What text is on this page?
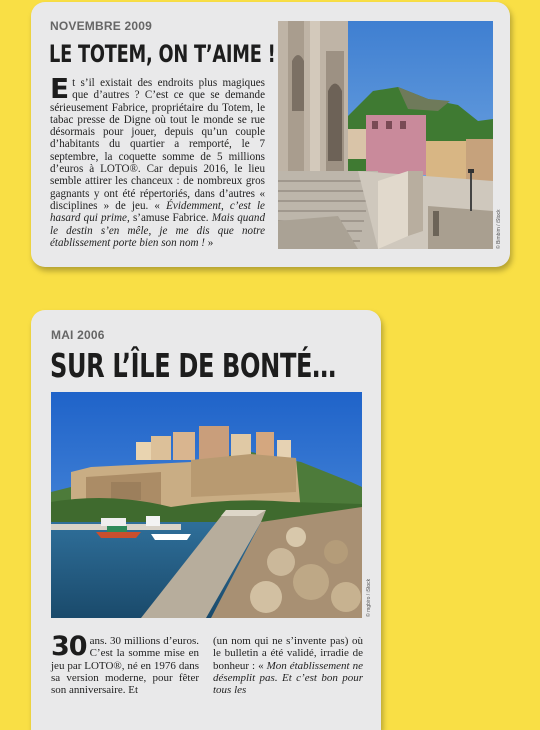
NOVEMBRE 2009
LE TOTEM, ON T’AIME !
Et s’il existait des endroits plus magiques que d’autres ? C’est ce que se demande sérieusement Fabrice, propriétaire du Totem, le tabac presse de Digne où tout le monde se rue désormais pour jouer, depuis qu’un couple d’habitants du quartier a remporté, le 7 septembre, la coquette somme de 5 millions d’euros à LOTO®. Car depuis 2016, le lieu semble attirer les chanceux : de nombreux gros gagnants y ont été répertoriés, dans d’autres « disciplines » de jeu. « Évidemment, c’est le hasard qui prime, s’amuse Fabrice. Mais quand le destin s’en mêle, je me dis que notre établissement porte bien son nom ! »	© Bimbim / iStock
MAI 2006
SUR L’ÎLE DE BONTÉ…
© mgbiro / iStock
30 ans. 30 millions d’euros. C’est la somme mise en jeu par LOTO®, né en 1976 dans sa version moderne, pour fêter son anniversaire. Et
(un nom qui ne s’invente pas) où le bulletin a été validé, irradie de bonheur : « Mon établissement ne désemplit pas. Et c’est bon pour tous les
